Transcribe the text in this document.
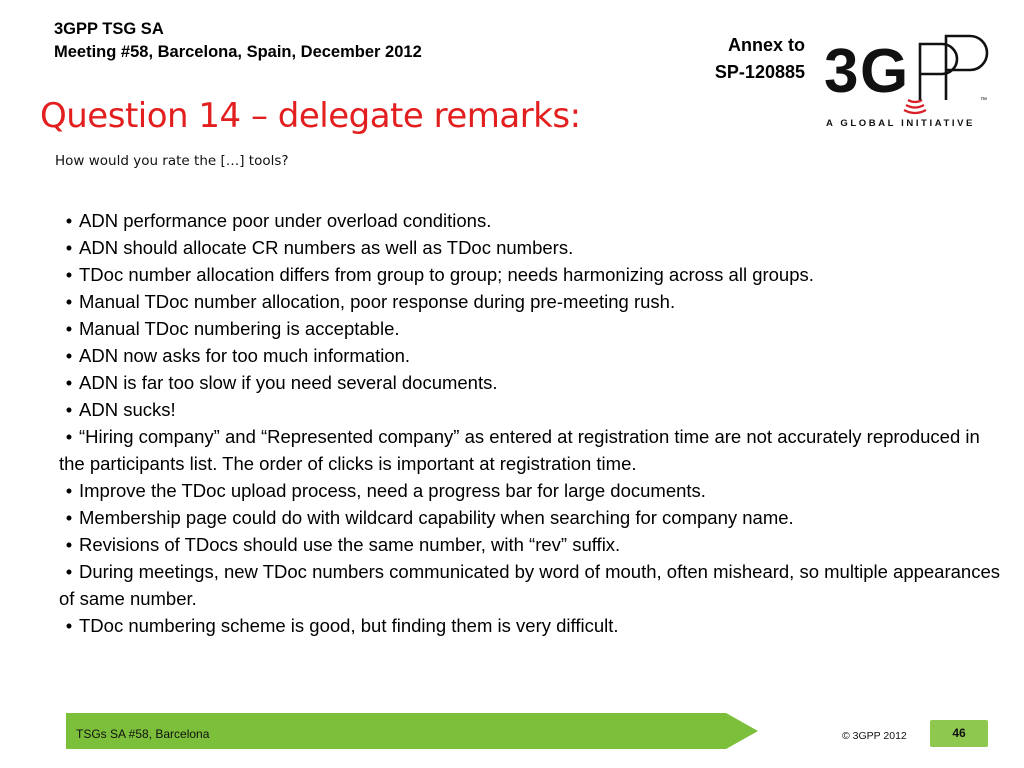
3GPP TSG SA
Meeting #58, Barcelona, Spain, December 2012	Annex to
SP-120885 3 G	™
A GLOBAL INITIATIVE
Question 14 – delegate remarks:
How would you rate the […] tools?
• ADN performance poor under overload conditions.
• ADN should allocate CR numbers as well as TDoc numbers.
• TDoc number allocation differs from group to group; needs harmonizing across all groups.
• Manual TDoc number allocation, poor response during pre-meeting rush.
• Manual TDoc numbering is acceptable.
• ADN now asks for too much information.
• ADN is far too slow if you need several documents.
• ADN sucks!
• “Hiring company” and “Represented company” as entered at registration time are not accurately reproduced in the participants list. The order of clicks is important at registration time.
• Improve the TDoc upload process, need a progress bar for large documents.
• Membership page could do with wildcard capability when searching for company name.
• Revisions of TDocs should use the same number, with “rev” suffix.
• During meetings, new TDoc numbers communicated by word of mouth, often misheard, so multiple appearances of same number.
• TDoc numbering scheme is good, but finding them is very difficult.
TSGs SA #58, Barcelona	© 3GPP 2012	46
